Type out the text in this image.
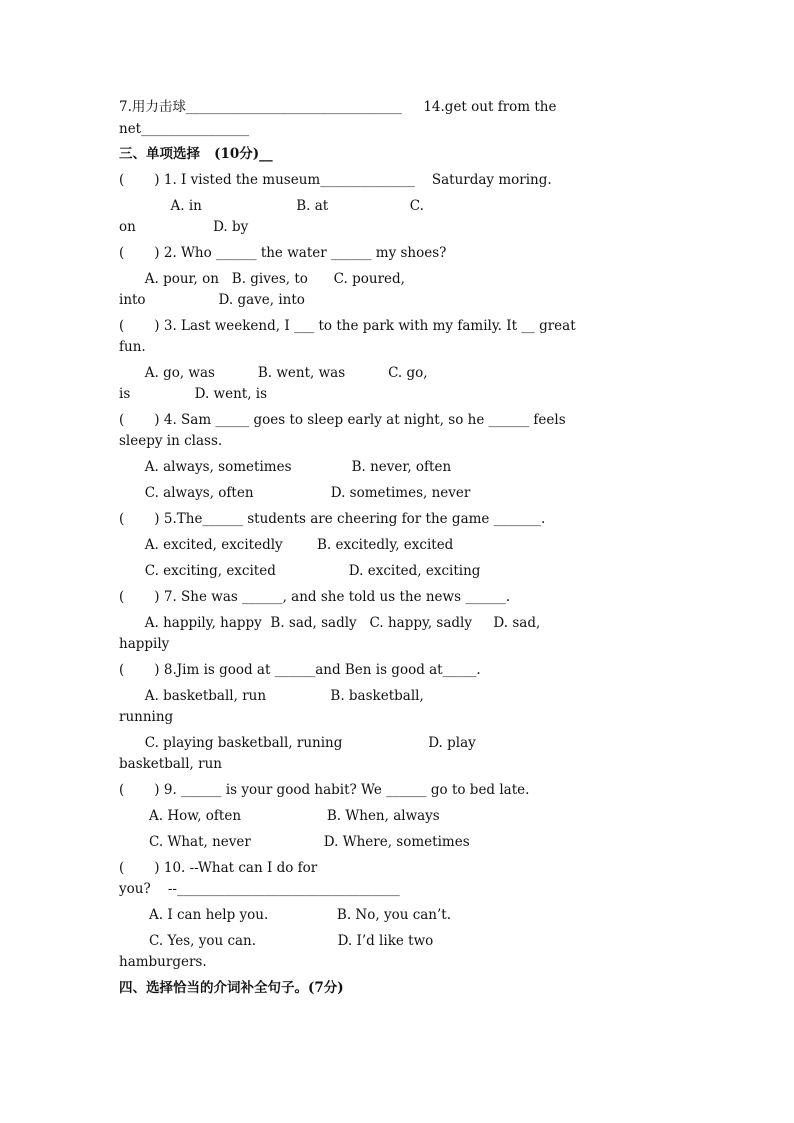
7.用力击球________________________________     14.get out from the
net________________
三、单项选择   (10分)__
(       ) 1. I visted the museum______________    Saturday moring.
A. in                      B. at                   C.
on                  D. by
(       ) 2. Who ______ the water ______ my shoes?
A. pour, on   B. gives, to      C. poured,
into                 D. gave, into
(       ) 3. Last weekend, I ___ to the park with my family. It __ great
fun.
A. go, was          B. went, was          C. go,
is               D. went, is
(       ) 4. Sam _____ goes to sleep early at night, so he ______ feels
sleepy in class.
A. always, sometimes              B. never, often
C. always, often                  D. sometimes, never
(       ) 5.The______ students are cheering for the game _______.
A. excited, excitedly        B. excitedly, excited
C. exciting, excited                 D. excited, exciting
(       ) 7. She was ______, and she told us the news ______.
A. happily, happy  B. sad, sadly   C. happy, sadly     D. sad,
happily
(       ) 8.Jim is good at ______and Ben is good at_____.
A. basketball, run               B. basketball,
running
C. playing basketball, runing                    D. play
basketball, run
(       ) 9. ______ is your good habit? We ______ go to bed late.
A. How, often                    B. When, always
C. What, never                 D. Where, sometimes
(       ) 10. --What can I do for
you?    --_________________________________
A. I can help you.                B. No, you can’t.
C. Yes, you can.                   D. I’d like two
hamburgers.
四、选择恰当的介词补全句子。(7分)
